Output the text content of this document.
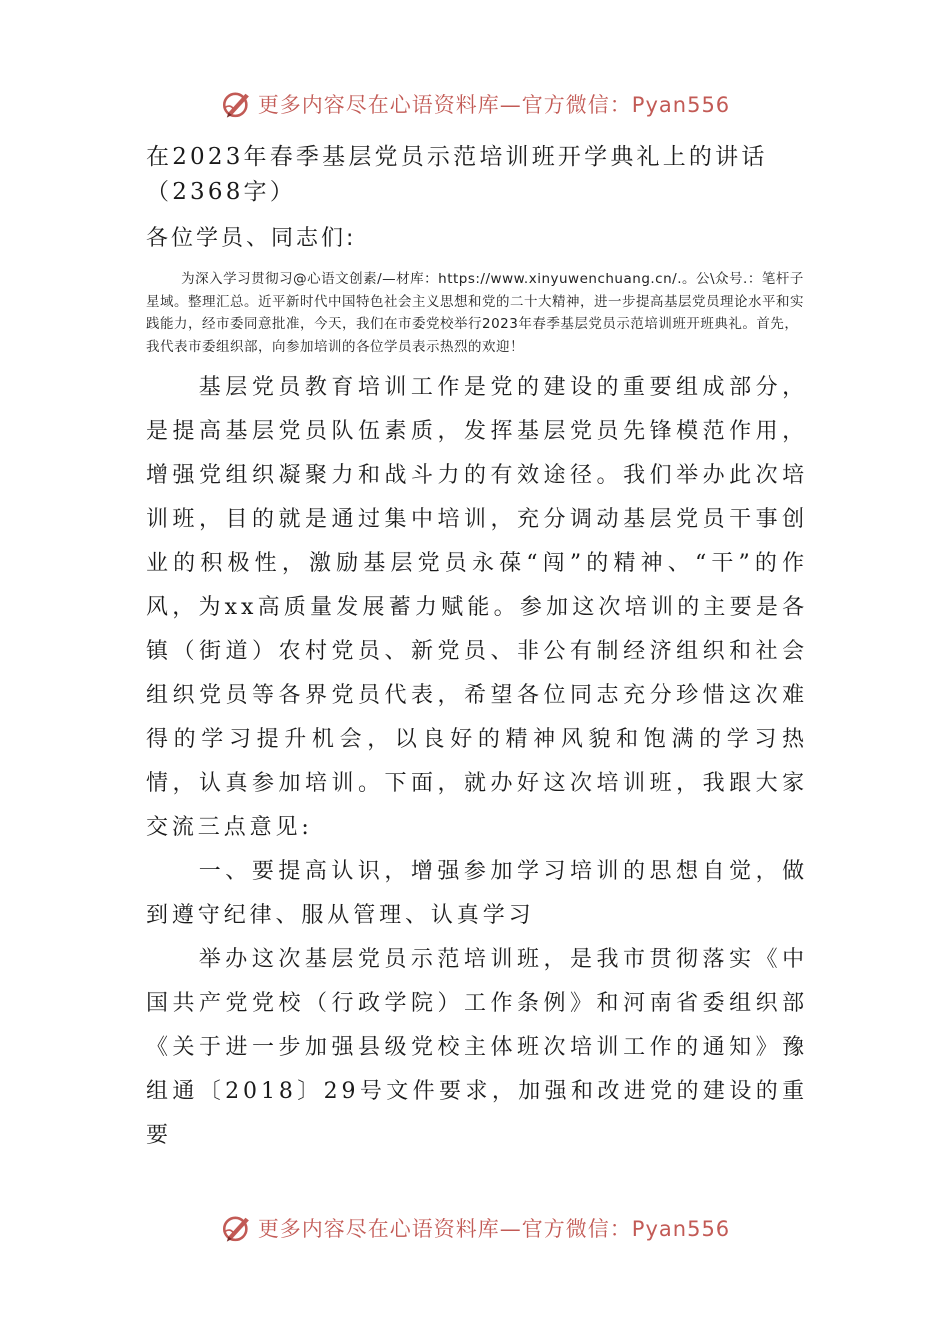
更多内容尽在心语资料库—官方微信：Pyan556
在2023年春季基层党员示范培训班开学典礼上的讲话（2368字）

各位学员、同志们:

为深入学习贯彻习@心语文创素/—材库：https://www.xinyuwenchuang.cn/.。公\众号.：笔杆子星域。整理汇总。近平新时代中国特色社会主义思想和党的二十大精神，进一步提高基层党员理论水平和实践能力，经市委同意批准，今天，我们在市委党校举行2023年春季基层党员示范培训班开班典礼。首先，我代表市委组织部，向参加培训的各位学员表示热烈的欢迎！

基层党员教育培训工作是党的建设的重要组成部分，是提高基层党员队伍素质，发挥基层党员先锋模范作用，增强党组织凝聚力和战斗力的有效途径。我们举办此次培训班，目的就是通过集中培训，充分调动基层党员干事创业的积极性，激励基层党员永葆“闯”的精神、“干”的作风，为xx高质量发展蓄力赋能。参加这次培训的主要是各镇（街道）农村党员、新党员、非公有制经济组织和社会组织党员等各界党员代表，希望各位同志充分珍惜这次难得的学习提升机会，以良好的精神风貌和饱满的学习热情，认真参加培训。下面，就办好这次培训班，我跟大家交流三点意见:

一、要提高认识，增强参加学习培训的思想自觉，做到遵守纪律、服从管理、认真学习

举办这次基层党员示范培训班，是我市贯彻落实《中国共产党党校（行政学院）工作条例》和河南省委组织部《关于进一步加强县级党校主体班次培训工作的通知》豫组通〔2018〕29号文件要求，加强和改进党的建设的重要

更多内容尽在心语资料库—官方微信：Pyan556
